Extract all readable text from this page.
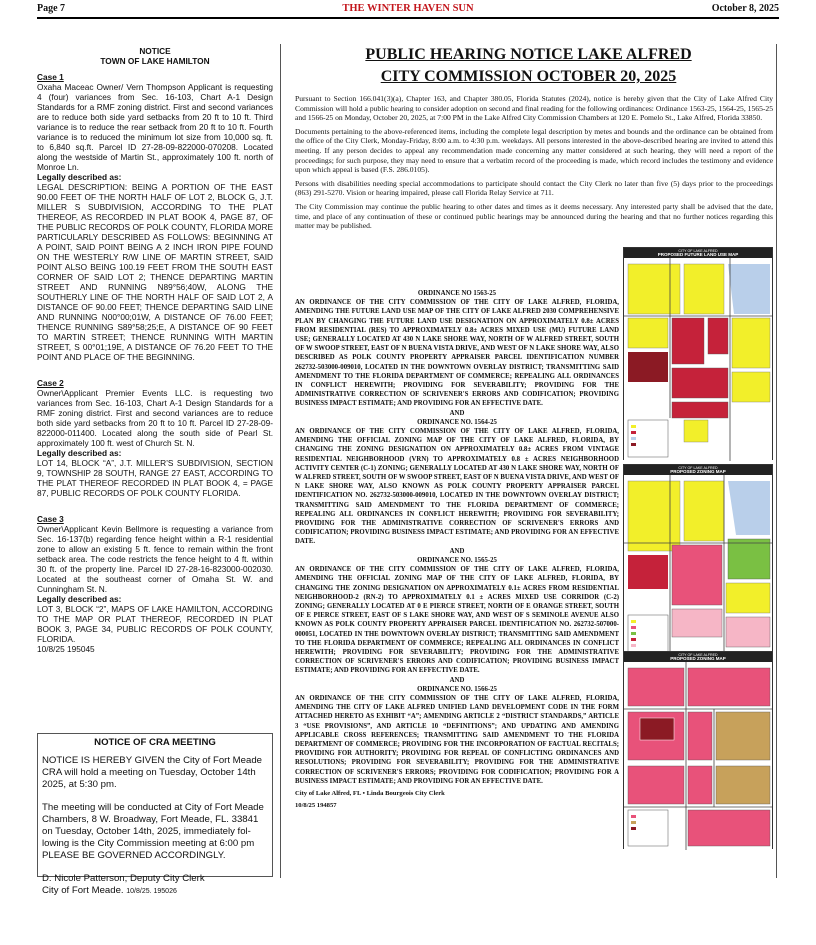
Page 7	THE WINTER HAVEN SUN	October 8, 2025
NOTICE
TOWN OF LAKE HAMILTON
Case 1

Oxaha Maceac Owner/ Vern Thompson Applicant is requesting 4 (four) variances from Sec. 16-103, Chart A-1 Design Standards for a RMF zoning district. First and second variances are to reduce both side yard setbacks from 20 ft to 10 ft. Third variance is to reduce the rear setback from 20 ft to 10 ft. Fourth variance is to reduced the minimum lot size from 10,000 sq. ft. to 6,840 sq.ft. Parcel ID 27-28-09-822000-070208. Located along the westside of Martin St., approximately 100 ft. north of Monroe Ln.

Legally described as:

LEGAL DESCRIPTION: BEING A PORTION OF THE EAST 90.00 FEET OF THE NORTH HALF OF LOT 2, BLOCK G, J.T. MILLER S SUBDIVISION, ACCORDING TO THE PLAT THEREOF, AS RECORDED IN PLAT BOOK 4, PAGE 87, OF THE PUBLIC RECORDS OF POLK COUNTY, FLORIDA MORE PARTICULARLY DESCRIBED AS FOLLOWS: BEGINNING AT A POINT, SAID POINT BEING A 2 INCH IRON PIPE FOUND ON THE WESTERLY R/W LINE OF MARTIN STREET, SAID POINT ALSO BEING 100.19 FEET FROM THE SOUTH EAST CORNER OF SAID LOT 2; THENCE DEPARTING MARTIN STREET AND RUNNING N89°56;40W, ALONG THE SOUTHERLY LINE OF THE NORTH HALF OF SAID LOT 2, A DISTANCE OF 90.00 FEET; THENCE DEPARTING SAID LINE AND RUNNING N00°00;01W, A DISTANCE OF 76.00 FEET; THENCE RUNNING S89°58;25;E, A DISTANCE OF 90 FEET TO MARTIN STREET; THENCE RUNNING WITH MARTIN STREET, S 00°01;19E, A DISTANCE OF 76.20 FEET TO THE POINT AND PLACE OF THE BEGINNING.

Case 2

Owner\Applicant Premier Events LLC. is requesting two variances from Sec. 16-103, Chart A-1 Design Standards for a RMF zoning district. First and second variances are to reduce both side yard setbacks from 20 ft to 10 ft. Parcel ID 27-28-09-822000-011400. Located along the south side of Pearl St. approximately 100 ft. west of Church St. N.

Legally described as:

LOT 14, BLOCK “A”, J.T. MILLER’S SUBDIVISION, SECTION 9, TOWNSHIP 28 SOUTH, RANGE 27 EAST, ACCORDING TO THE PLAT THEREOF RECORDED IN PLAT BOOK 4, = PAGE 87, PUBLIC RECORDS OF POLK COUNTY FLORIDA.

Case 3

Owner\Applicant Kevin Bellmore is requesting a variance from Sec. 16-137(b) regarding fence height within a R-1 residential zone to allow an existing 5 ft. fence to remain within the front setback area. The code restricts the fence height to 4 ft. within 30 ft. of the property line. Parcel ID 27-28-16-823000-002030. Located at the southeast corner of Omaha St. W. and Cunningham St. N.

Legally described as:

LOT 3, BLOCK “2”, MAPS OF LAKE HAMILTON, ACCORDING TO THE MAP OR PLAT THEREOF, RECORDED IN PLAT BOOK 3, PAGE 34, PUBLIC RECORDS OF POLK COUNTY, FLORIDA.

10/8/25 195045

NOTICE OF CRA MEETING

NOTICE IS HEREBY GIVEN the City of Fort Meade
CRA will hold a meeting on Tuesday, October 14th
2025, at 5:30 pm.

The meeting will be conducted at City of Fort Meade
Chambers, 8 W. Broadway, Fort Meade, FL. 33841
on Tuesday, October 14th, 2025, immediately fol-
lowing is the City Commission meeting at 6:00 pm
PLEASE BE GOVERNED ACCORDINGLY.

D. Nicole Patterson, Deputy City Clerk
City of Fort Meade. 10/8/25. 195026

PUBLIC HEARING NOTICE LAKE ALFRED
CITY COMMISSION OCTOBER 20, 2025

Pursuant to Section 166.041(3)(a), Chapter 163, and Chapter 380.05, Florida Statutes (2024), notice is hereby given that the City of Lake Alfred City Commission will hold a public hearing to consider adoption on second and final reading for the following ordinances: Ordinance 1563-25, 1564-25, 1565-25 and 1566-25 on Monday, October 20, 2025, at 7:00 PM in the Lake Alfred City Commission Chambers at 120 E. Pomelo St., Lake Alfred, Florida 33850.

Documents pertaining to the above-referenced items, including the complete legal description by metes and bounds and the ordinance can be obtained from the office of the City Clerk, Monday-Friday, 8:00 a.m. to 4:30 p.m. weekdays. All persons interested in the above-described hearing are invited to attend this meeting. If any person decides to appeal any recommendation made concerning any matter considered at such hearing, they will need a report of the proceedings; for such purpose, they may need to ensure that a verbatim record of the proceeding is made, which record includes the testimony and evidence upon which appeal is based (F.S. 286.0105).

Persons with disabilities needing special accommodations to participate should contact the City Clerk no later than five (5) days prior to the proceedings (863) 291-5270. Vision or hearing impaired, please call Florida Relay Service at 711.

The City Commission may continue the public hearing to other dates and times as it deems necessary. Any interested party shall be advised that the date, time, and place of any continuation of these or continued public hearings may be announced during the hearing and that no further notices regarding this matter may be published.

ORDINANCE NO 1563-25

AN ORDINANCE OF THE CITY COMMISSION OF THE CITY OF LAKE ALFRED, FLORIDA, AMENDING THE FUTURE LAND USE MAP OF THE CITY OF LAKE ALFRED 2030 COMPREHENSIVE PLAN BY CHANGING THE FUTURE LAND USE DESIGNATION ON APPROXIMATELY 0.8± ACRES FROM RESIDENTIAL (RES) TO APPROXIMATELY 0.8± ACRES MIXED USE (MU) FUTURE LAND USE; GENERALLY LOCATED AT 430 N LAKE SHORE WAY, NORTH OF W ALFRED STREET, SOUTH OF W SWOOP STREET, EAST OF N BUENA VISTA DRIVE, AND WEST OF N LAKE SHORE WAY, ALSO DESCRIBED AS POLK COUNTY PROPERTY APPRAISER PARCEL IDENTIFICATION NUMBER 262732-503000-009010, LOCATED IN THE DOWNTOWN OVERLAY DISTRICT; TRANSMITTING SAID AMENDMENT TO THE FLORIDA DEPARTMENT OF COMMERCE; REPEALING ALL ORDINANCES IN CONFLICT HEREWITH; PROVIDING FOR SEVERABILITY; PROVIDING FOR THE ADMINISTRATIVE CORRECTION OF SCRIVENER'S ERRORS AND CODIFICATION; PROVIDING BUSINESS IMPACT ESTIMATE; AND PROVIDING FOR AN EFFECTIVE DATE.

AND
ORDINANCE NO. 1564-25

AN ORDINANCE OF THE CITY COMMISSION OF THE CITY OF LAKE ALFRED, FLORIDA, AMENDING THE OFFICIAL ZONING MAP OF THE CITY OF LAKE ALFRED, FLORIDA, BY CHANGING THE ZONING DESIGNATION ON APPROXIMATELY 0.8± ACRES FROM VINTAGE RESIDENTIAL NEIGHBORHOOD (VRN) TO APPROXIMATELY 0.8 ± ACRES NEIGHBORHOOD ACTIVITY CENTER (C-1) ZONING; GENERALLY LOCATED AT 430 N LAKE SHORE WAY, NORTH OF W ALFRED STREET, SOUTH OF W SWOOP STREET, EAST OF N BUENA VISTA DRIVE, AND WEST OF N LAKE SHORE WAY, ALSO KNOWN AS POLK COUNTY PROPERTY APPRAISER PARCEL IDENTIFICATION NO. 262732-503000-009010, LOCATED IN THE DOWNTOWN OVERLAY DISTRICT; TRANSMITTING SAID AMENDMENT TO THE FLORIDA DEPARTMENT OF COMMERCE; REPEALING ALL ORDINANCES IN CONFLICT HEREWITH; PROVIDING FOR SEVERABILITY; PROVIDING FOR THE ADMINISTRATIVE CORRECTION OF SCRIVENER'S ERRORS AND CODIFICATION; PROVIDING BUSINESS IMPACT ESTIMATE; AND PROVIDING FOR AN EFFECTIVE DATE.

AND
ORDINANCE NO. 1565-25

AN ORDINANCE OF THE CITY COMMISSION OF THE CITY OF LAKE ALFRED, FLORIDA, AMENDING THE OFFICIAL ZONING MAP OF THE CITY OF LAKE ALFRED, FLORIDA, BY CHANGING THE ZONING DESIGNATION ON APPROXIMATELY 0.1± ACRES FROM RESIDENTIAL NEIGHBORHOOD-2 (RN-2) TO APPROXIMATELY 0.1 ± ACRES MIXED USE CORRIDOR (C-2) ZONING; GENERALLY LOCATED AT 0 E PIERCE STREET, NORTH OF E ORANGE STREET, SOUTH OF E PIERCE STREET, EAST OF S LAKE SHORE WAY, AND WEST OF S SEMINOLE AVENUE ALSO KNOWN AS POLK COUNTY PROPERTY APPRAISER PARCEL IDENTIFICATION NO. 262732-507000-000051, LOCATED IN THE DOWNTOWN OVERLAY DISTRICT; TRANSMITTING SAID AMENDMENT TO THE FLORIDA DEPARTMENT OF COMMERCE; REPEALING ALL ORDINANCES IN CONFLICT HEREWITH; PROVIDING FOR SEVERABILITY; PROVIDING FOR THE ADMINISTRATIVE CORRECTION OF SCRIVENER'S ERRORS AND CODIFICATION; PROVIDING BUSINESS IMPACT ESTIMATE; AND PROVIDING FOR AN EFFECTIVE DATE.

AND
ORDINANCE NO. 1566-25

AN ORDINANCE OF THE CITY COMMISSION OF THE CITY OF LAKE ALFRED, FLORIDA, AMENDING THE CITY OF LAKE ALFRED UNIFIED LAND DEVELOPMENT CODE IN THE FORM ATTACHED HERETO AS EXHIBIT “A”; AMENDING ARTICLE 2 “DISTRICT STANDARDS,” ARTICLE 3 “USE PROVISIONS”, AND ARTICLE 10 “DEFINITIONS”; AND UPDATING AND AMENDING APPLICABLE CROSS REFERENCES; TRANSMITTING SAID AMENDMENT TO THE FLORIDA DEPARTMENT OF COMMERCE; PROVIDING FOR THE INCORPORATION OF FACTUAL RECITALS; PROVIDING FOR AUTHORITY; PROVIDING FOR REPEAL OF CONFLICTING ORDINANCES AND RESOLUTIONS; PROVIDING FOR SEVERABILITY; PROVIDING FOR THE ADMINISTRATIVE CORRECTION OF SCRIVENER'S ERRORS; PROVIDING FOR CODIFICATION; PROVIDING FOR A BUSINESS IMPACT ESTIMATE; AND PROVIDING FOR AN EFFECTIVE DATE.

City of Lake Alfred, FL • Linda Bourgeois City Clerk
10/8/25 194857
CITY OF LAKE ALFRED
PROPOSED FUTURE LAND USE MAP
CITY OF LAKE ALFRED
PROPOSED ZONING MAP
CITY OF LAKE ALFRED
PROPOSED ZONING MAP
